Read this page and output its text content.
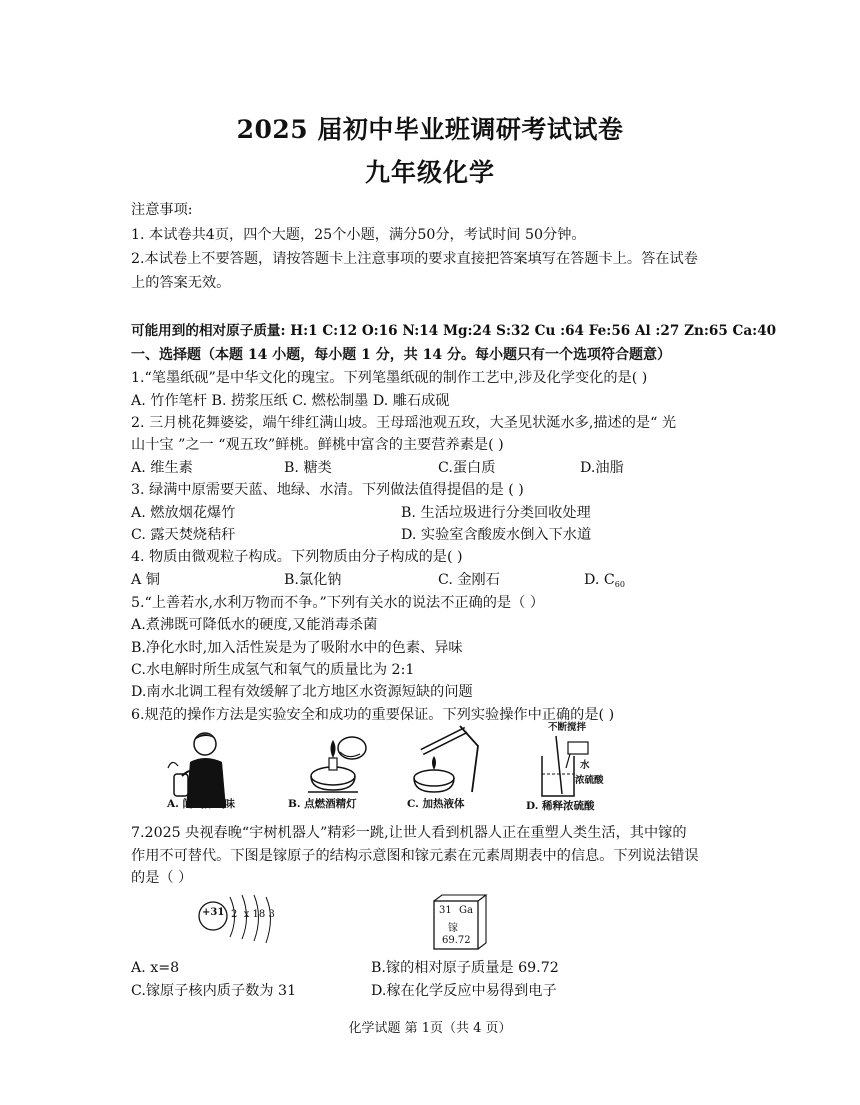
2025 届初中毕业班调研考试试卷
九年级化学
注意事项:
1. 本试卷共4页，四个大题，25个小题，满分50分，考试时间 50分钟。
2.本试卷上不要答题，请按答题卡上注意事项的要求直接把答案填写在答题卡上。答在试卷
上的答案无效。
可能用到的相对原子质量: H:1 C:12 O:16 N:14 Mg:24 S:32 Cu :64 Fe:56 Al :27 Zn:65 Ca:40
一、选择题（本题 14 小题，每小题 1 分，共 14 分。每小题只有一个选项符合题意）
1.“笔墨纸砚”是中华文化的瑰宝。下列笔墨纸砚的制作工艺中,涉及化学变化的是( )
A. 竹作笔杆 B. 捞浆压纸 C. 燃松制墨 D. 雕石成砚
2. 三月桃花舞婆娑，端午绯红满山坡。王母瑶池观五玫，大圣见状涎水多,描述的是“ 光
山十宝 ”之一 “观五玫”鲜桃。鲜桃中富含的主要营养素是( )
A. 维生素	B. 糖类	C.蛋白质	D.油脂
3. 绿满中原需要天蓝、地绿、水清。下列做法值得提倡的是 ( )
A. 燃放烟花爆竹	B. 生活垃圾进行分类回收处理
C. 露天焚烧秸秆	D. 实验室含酸废水倒入下水道
4. 物质由微观粒子构成。下列物质由分子构成的是( )
A 铜	B.氯化钠	C. 金刚石	D. $C_{60}$
5.“上善若水,水利万物而不争。”下列有关水的说法不正确的是（ ）
A.煮沸既可降低水的硬度,又能消毒杀菌
B.净化水时,加入活性炭是为了吸附水中的色素、异味
C.水电解时所生成氢气和氧气的质量比为 2:1
D.南水北调工程有效缓解了北方地区水资源短缺的问题
6.规范的操作方法是实验安全和成功的重要保证。下列实验操作中正确的是( )
A. 闻气体气味	B. 点燃酒精灯	C. 加热液体
不断搅拌
水
浓硫酸
D. 稀释浓硫酸
7.2025 央视春晚“宇树机器人”精彩一跳,让世人看到机器人正在重塑人类生活，其中镓的
作用不可替代。下图是镓原子的结构示意图和镓元素在元素周期表中的信息。下列说法错误
的是（ ）
+31 2  x 18 3	31 Ga
镓
69.72
A. x=8	B.镓的相对原子质量是 69.72
C.镓原子核内质子数为 31	D.稼在化学反应中易得到电子
化学试题 第 1页（共 4 页）
